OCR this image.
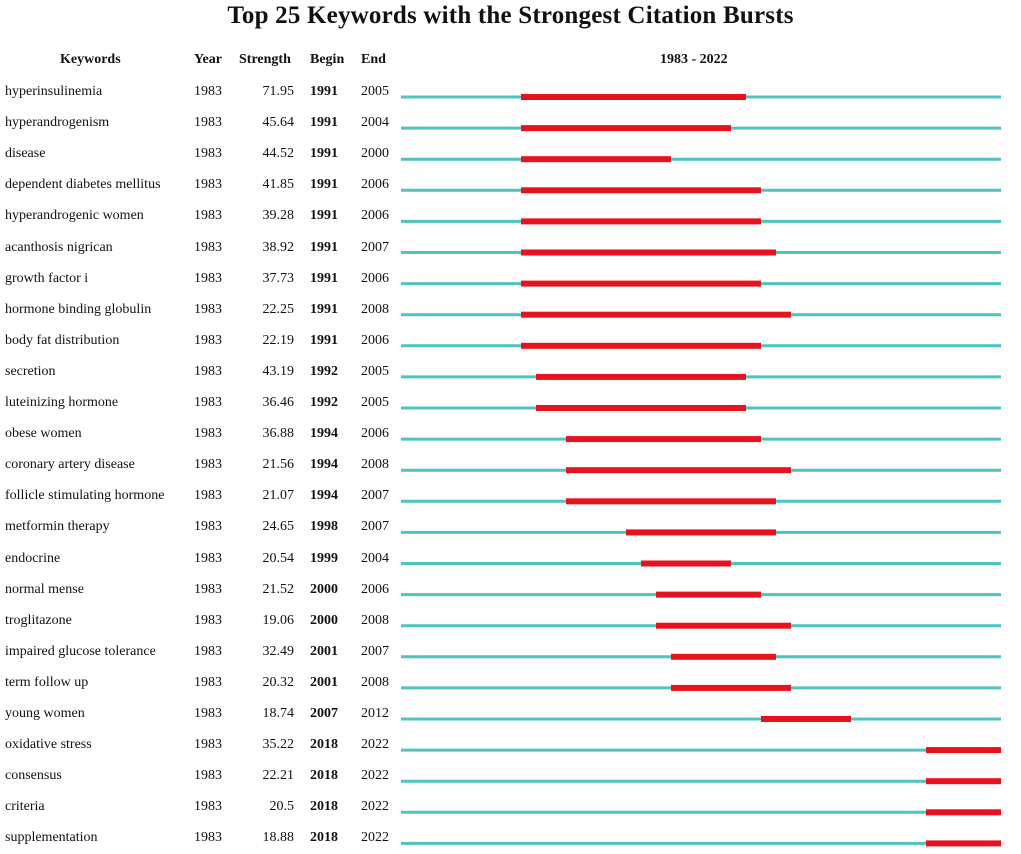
Top 25 Keywords with the Strongest Citation Bursts
Keywords	Year Strength Begin End	1983 - 2022
hyperinsulinemia	1983	71.95 1991 2005
hyperandrogenism	1983	45.64 1991 2004
disease	1983	44.52 1991 2000
dependent diabetes mellitus 1983	41.85 1991 2006
hyperandrogenic women	1983	39.28 1991 2006
acanthosis nigrican	1983	38.92 1991 2007
growth factor i	1983	37.73 1991 2006
hormone binding globulin	1983	22.25 1991 2008
body fat distribution	1983	22.19 1991 2006
secretion	1983	43.19 1992 2005
luteinizing hormone	1983	36.46 1992 2005
obese women	1983	36.88 1994 2006
coronary artery disease	1983	21.56 1994 2008
follicle stimulating hormone 1983	21.07 1994 2007
metformin therapy	1983	24.65 1998 2007
endocrine	1983	20.54 1999 2004
normal mense	1983	21.52 2000 2006
troglitazone	1983	19.06 2000 2008
impaired glucose tolerance	1983	32.49 2001 2007
term follow up	1983	20.32 2001 2008
young women	1983	18.74 2007 2012
oxidative stress	1983	35.22 2018 2022
consensus	1983	22.21 2018 2022
criteria	1983	20.5 2018 2022
supplementation	1983	18.88 2018 2022
